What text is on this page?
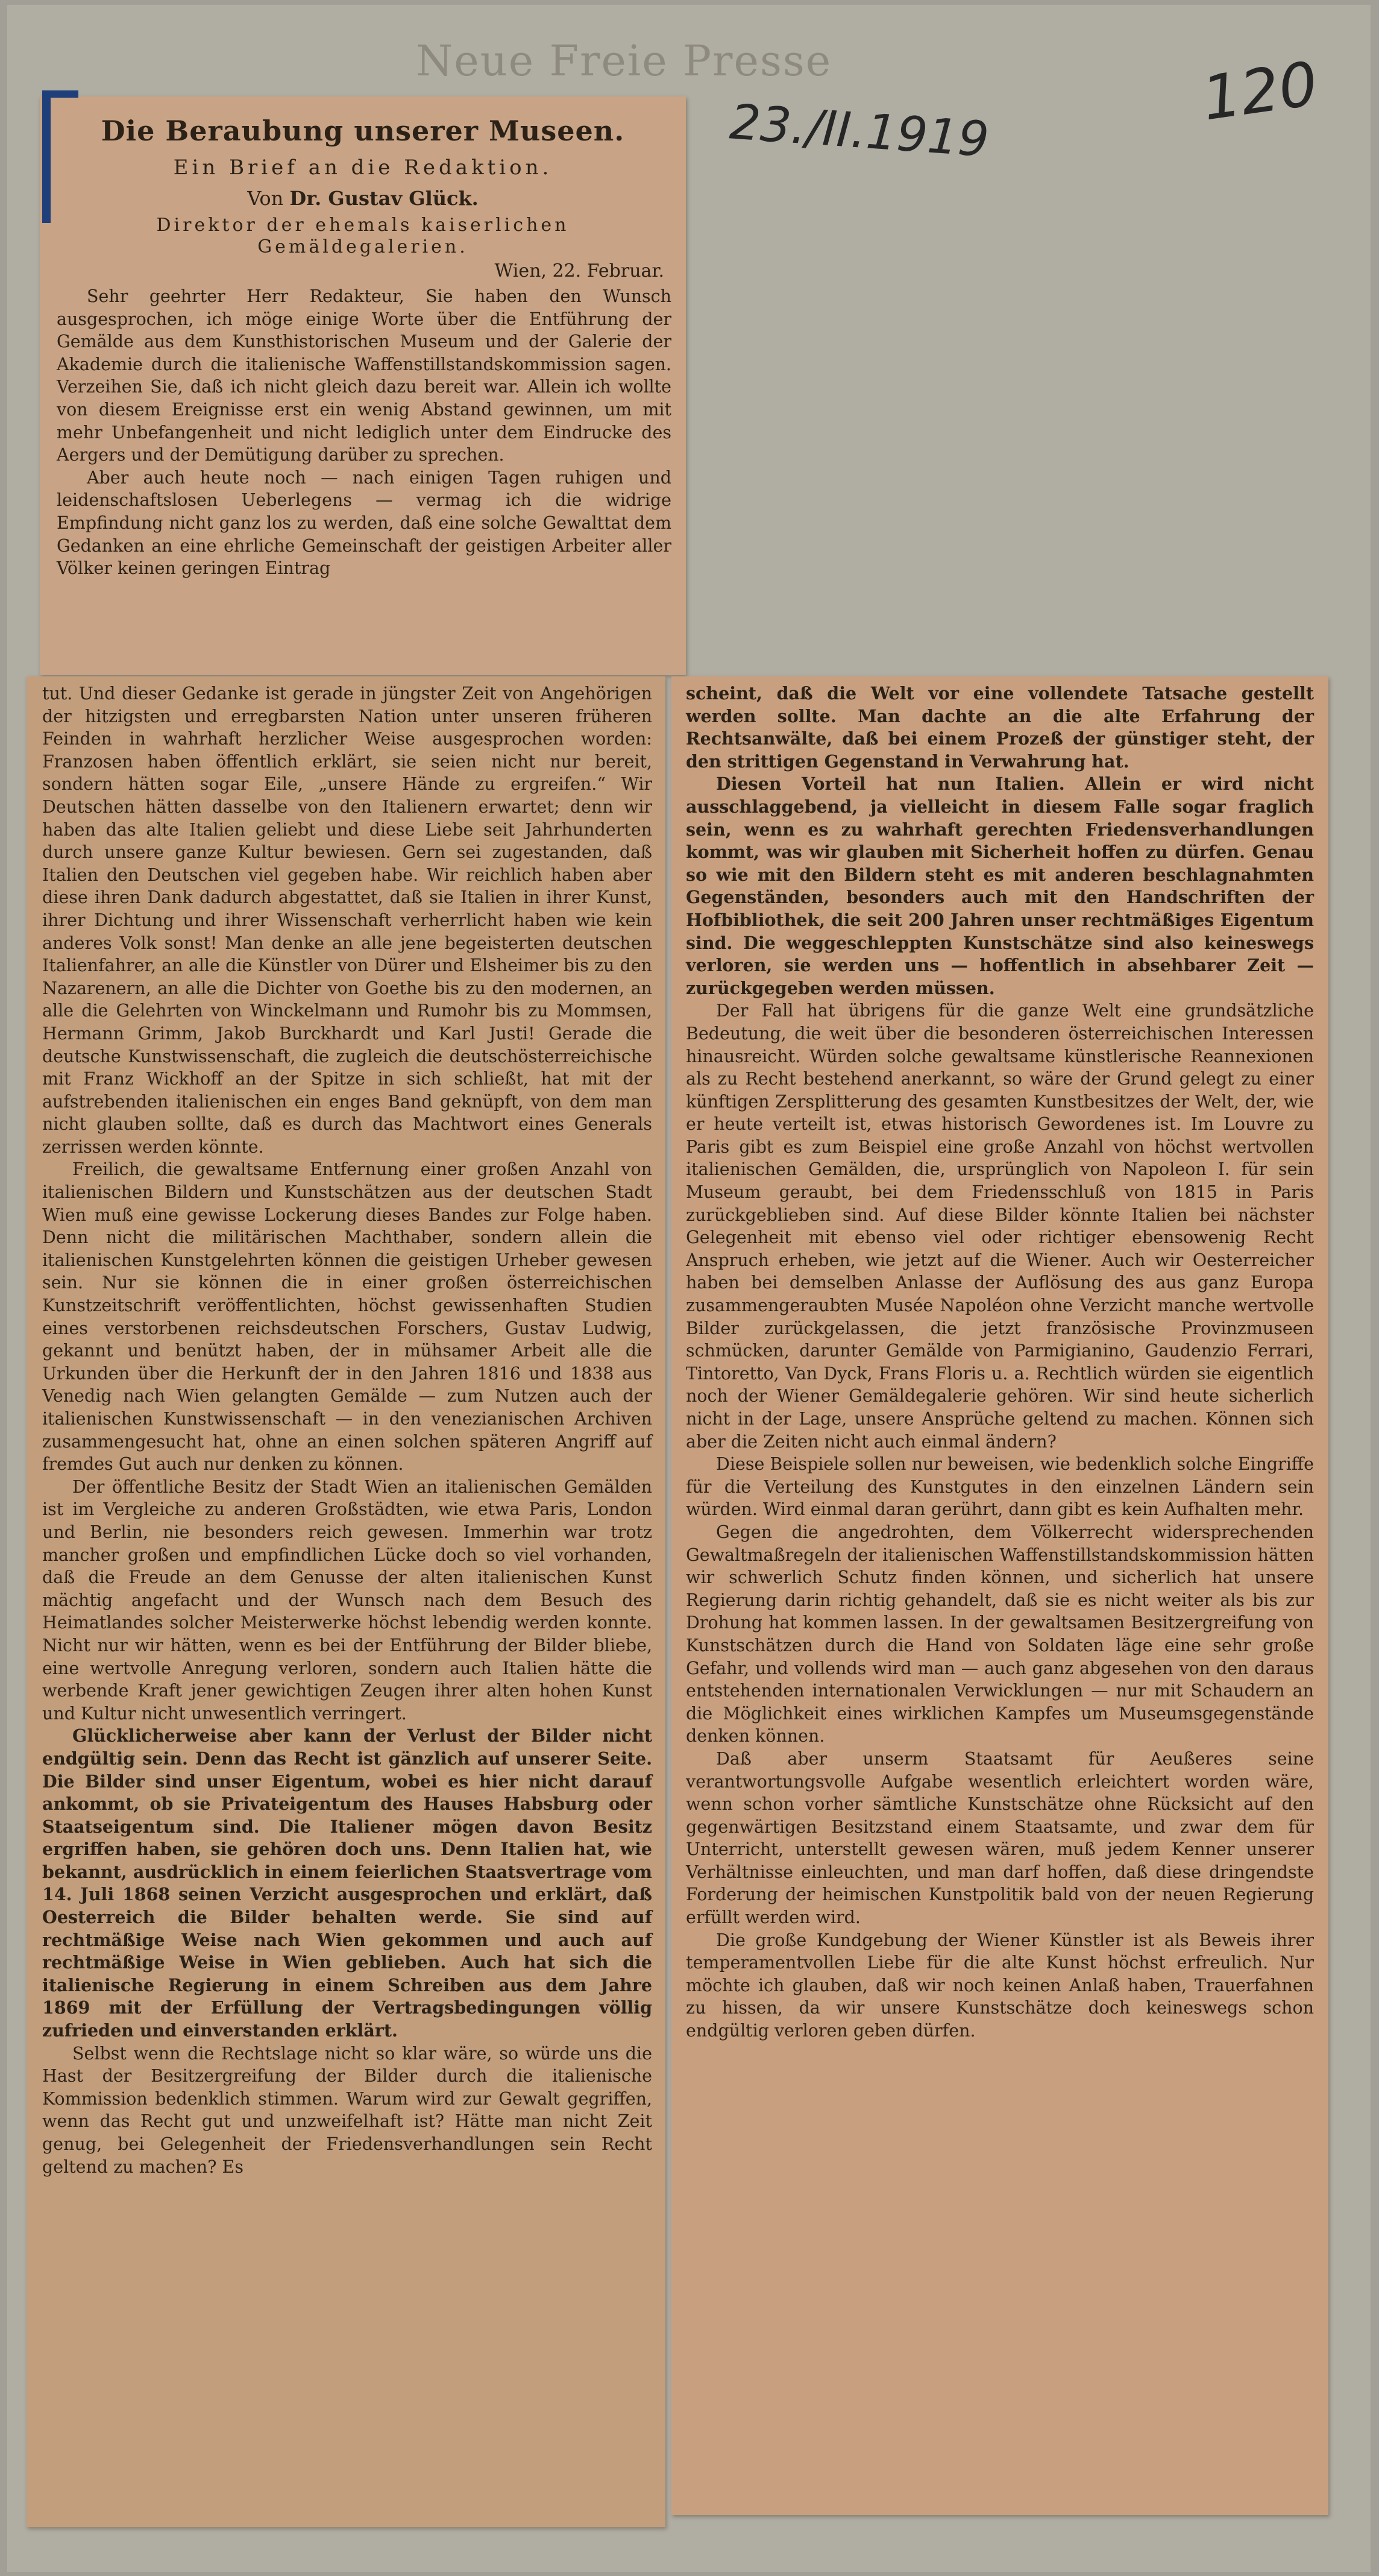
Neue Freie Presse
23./II.1919	120
Die Beraubung unserer Museen.
Ein Brief an die Redaktion.
Von Dr. Gustav Glück.
Direktor der ehemals kaiserlichen Gemäldegalerien.
Wien, 22. Februar.

Sehr geehrter Herr Redakteur, Sie haben den Wunsch ausgesprochen, ich möge einige Worte über die Entführung der Gemälde aus dem Kunsthistorischen Museum und der Galerie der Akademie durch die italienische Waffenstillstandskommission sagen. Verzeihen Sie, daß ich nicht gleich dazu bereit war. Allein ich wollte von diesem Ereignisse erst ein wenig Abstand gewinnen, um mit mehr Unbefangenheit und nicht lediglich unter dem Eindrucke des Aergers und der Demütigung darüber zu sprechen.

Aber auch heute noch — nach einigen Tagen ruhigen und leidenschaftslosen Ueberlegens — vermag ich die widrige Empfindung nicht ganz los zu werden, daß eine solche Gewalttat dem Gedanken an eine ehrliche Gemeinschaft der geistigen Arbeiter aller Völker keinen geringen Eintrag

tut. Und dieser Gedanke ist gerade in jüngster Zeit von Angehörigen der hitzigsten und erregbarsten Nation unter unseren früheren Feinden in wahrhaft herzlicher Weise ausgesprochen worden: Franzosen haben öffentlich erklärt, sie seien nicht nur bereit, sondern hätten sogar Eile, „unsere Hände zu ergreifen.“ Wir Deutschen hätten dasselbe von den Italienern erwartet; denn wir haben das alte Italien geliebt und diese Liebe seit Jahrhunderten durch unsere ganze Kultur bewiesen. Gern sei zugestanden, daß Italien den Deutschen viel gegeben habe. Wir reichlich haben aber diese ihren Dank dadurch abgestattet, daß sie Italien in ihrer Kunst, ihrer Dichtung und ihrer Wissenschaft verherrlicht haben wie kein anderes Volk sonst! Man denke an alle jene begeisterten deutschen Italienfahrer, an alle die Künstler von Dürer und Elsheimer bis zu den Nazarenern, an alle die Dichter von Goethe bis zu den modernen, an alle die Gelehrten von Winckelmann und Rumohr bis zu Mommsen, Hermann Grimm, Jakob Burckhardt und Karl Justi! Gerade die deutsche Kunstwissenschaft, die zugleich die deutschösterreichische mit Franz Wickhoff an der Spitze in sich schließt, hat mit der aufstrebenden italienischen ein enges Band geknüpft, von dem man nicht glauben sollte, daß es durch das Machtwort eines Generals zerrissen werden könnte.

Freilich, die gewaltsame Entfernung einer großen Anzahl von italienischen Bildern und Kunstschätzen aus der deutschen Stadt Wien muß eine gewisse Lockerung dieses Bandes zur Folge haben. Denn nicht die militärischen Machthaber, sondern allein die italienischen Kunstgelehrten können die geistigen Urheber gewesen sein. Nur sie können die in einer großen österreichischen Kunstzeitschrift veröffentlichten, höchst gewissenhaften Studien eines verstorbenen reichsdeutschen Forschers, Gustav Ludwig, gekannt und benützt haben, der in mühsamer Arbeit alle die Urkunden über die Herkunft der in den Jahren 1816 und 1838 aus Venedig nach Wien gelangten Gemälde — zum Nutzen auch der italienischen Kunstwissenschaft — in den venezianischen Archiven zusammengesucht hat, ohne an einen solchen späteren Angriff auf fremdes Gut auch nur denken zu können.

Der öffentliche Besitz der Stadt Wien an italienischen Gemälden ist im Vergleiche zu anderen Großstädten, wie etwa Paris, London und Berlin, nie besonders reich gewesen. Immerhin war trotz mancher großen und empfindlichen Lücke doch so viel vorhanden, daß die Freude an dem Genusse der alten italienischen Kunst mächtig angefacht und der Wunsch nach dem Besuch des Heimatlandes solcher Meisterwerke höchst lebendig werden konnte. Nicht nur wir hätten, wenn es bei der Entführung der Bilder bliebe, eine wertvolle Anregung verloren, sondern auch Italien hätte die werbende Kraft jener gewichtigen Zeugen ihrer alten hohen Kunst und Kultur nicht unwesentlich verringert.

Glücklicherweise aber kann der Verlust der Bilder nicht endgültig sein. Denn das Recht ist gänzlich auf unserer Seite. Die Bilder sind unser Eigentum, wobei es hier nicht darauf ankommt, ob sie Privateigentum des Hauses Habsburg oder Staatseigentum sind. Die Italiener mögen davon Besitz ergriffen haben, sie gehören doch uns. Denn Italien hat, wie bekannt, ausdrücklich in einem feierlichen Staatsvertrage vom 14. Juli 1868 seinen Verzicht ausgesprochen und erklärt, daß Oesterreich die Bilder behalten werde. Sie sind auf rechtmäßige Weise nach Wien gekommen und auch auf rechtmäßige Weise in Wien geblieben. Auch hat sich die italienische Regierung in einem Schreiben aus dem Jahre 1869 mit der Erfüllung der Vertragsbedingungen völlig zufrieden und einverstanden erklärt.

Selbst wenn die Rechtslage nicht so klar wäre, so würde uns die Hast der Besitzergreifung der Bilder durch die italienische Kommission bedenklich stimmen. Warum wird zur Gewalt gegriffen, wenn das Recht gut und unzweifelhaft ist? Hätte man nicht Zeit genug, bei Gelegenheit der Friedensverhandlungen sein Recht geltend zu machen? Es

scheint, daß die Welt vor eine vollendete Tatsache gestellt werden sollte. Man dachte an die alte Erfahrung der Rechtsanwälte, daß bei einem Prozeß der günstiger steht, der den strittigen Gegenstand in Verwahrung hat.

Diesen Vorteil hat nun Italien. Allein er wird nicht ausschlaggebend, ja vielleicht in diesem Falle sogar fraglich sein, wenn es zu wahrhaft gerechten Friedensverhandlungen kommt, was wir glauben mit Sicherheit hoffen zu dürfen. Genau so wie mit den Bildern steht es mit anderen beschlagnahmten Gegenständen, besonders auch mit den Handschriften der Hofbibliothek, die seit 200 Jahren unser rechtmäßiges Eigentum sind. Die weggeschleppten Kunstschätze sind also keineswegs verloren, sie werden uns — hoffentlich in absehbarer Zeit — zurückgegeben werden müssen.

Der Fall hat übrigens für die ganze Welt eine grundsätzliche Bedeutung, die weit über die besonderen österreichischen Interessen hinausreicht. Würden solche gewaltsame künstlerische Reannexionen als zu Recht bestehend anerkannt, so wäre der Grund gelegt zu einer künftigen Zersplitterung des gesamten Kunstbesitzes der Welt, der, wie er heute verteilt ist, etwas historisch Gewordenes ist. Im Louvre zu Paris gibt es zum Beispiel eine große Anzahl von höchst wertvollen italienischen Gemälden, die, ursprünglich von Napoleon I. für sein Museum geraubt, bei dem Friedensschluß von 1815 in Paris zurückgeblieben sind. Auf diese Bilder könnte Italien bei nächster Gelegenheit mit ebenso viel oder richtiger ebensowenig Recht Anspruch erheben, wie jetzt auf die Wiener. Auch wir Oesterreicher haben bei demselben Anlasse der Auflösung des aus ganz Europa zusammengeraubten Musée Napoléon ohne Verzicht manche wertvolle Bilder zurückgelassen, die jetzt französische Provinzmuseen schmücken, darunter Gemälde von Parmigianino, Gaudenzio Ferrari, Tintoretto, Van Dyck, Frans Floris u. a. Rechtlich würden sie eigentlich noch der Wiener Gemäldegalerie gehören. Wir sind heute sicherlich nicht in der Lage, unsere Ansprüche geltend zu machen. Können sich aber die Zeiten nicht auch einmal ändern?

Diese Beispiele sollen nur beweisen, wie bedenklich solche Eingriffe für die Verteilung des Kunstgutes in den einzelnen Ländern sein würden. Wird einmal daran gerührt, dann gibt es kein Aufhalten mehr.

Gegen die angedrohten, dem Völkerrecht widersprechenden Gewaltmaßregeln der italienischen Waffenstillstandskommission hätten wir schwerlich Schutz finden können, und sicherlich hat unsere Regierung darin richtig gehandelt, daß sie es nicht weiter als bis zur Drohung hat kommen lassen. In der gewaltsamen Besitzergreifung von Kunstschätzen durch die Hand von Soldaten läge eine sehr große Gefahr, und vollends wird man — auch ganz abgesehen von den daraus entstehenden internationalen Verwicklungen — nur mit Schaudern an die Möglichkeit eines wirklichen Kampfes um Museumsgegenstände denken können.

Daß aber unserm Staatsamt für Aeußeres seine verantwortungsvolle Aufgabe wesentlich erleichtert worden wäre, wenn schon vorher sämtliche Kunstschätze ohne Rücksicht auf den gegenwärtigen Besitzstand einem Staatsamte, und zwar dem für Unterricht, unterstellt gewesen wären, muß jedem Kenner unserer Verhältnisse einleuchten, und man darf hoffen, daß diese dringendste Forderung der heimischen Kunstpolitik bald von der neuen Regierung erfüllt werden wird.

Die große Kundgebung der Wiener Künstler ist als Beweis ihrer temperamentvollen Liebe für die alte Kunst höchst erfreulich. Nur möchte ich glauben, daß wir noch keinen Anlaß haben, Trauerfahnen zu hissen, da wir unsere Kunstschätze doch keineswegs schon endgültig verloren geben dürfen.
